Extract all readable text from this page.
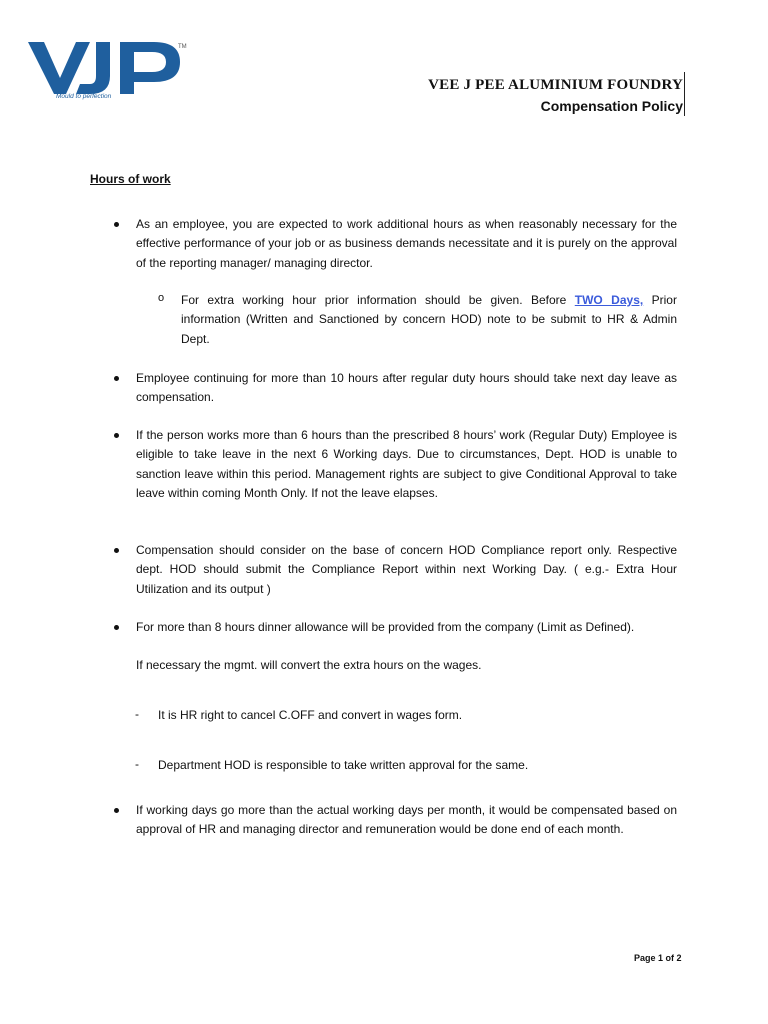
TM
Mould to perfection
VJP
VEE J PEE ALUMINIUM FOUNDRY
Compensation Policy
Hours of work
As an employee, you are expected to work additional hours as when reasonably necessary for the effective performance of your job or as business demands necessitate and it is purely on the approval of the reporting manager/ managing director.
o For extra working hour prior information should be given. Before TWO Days, Prior information (Written and Sanctioned by concern HOD) note to be submit to HR & Admin Dept.
Employee continuing for more than 10 hours after regular duty hours should take next day leave as compensation.
If the person works more than 6 hours than the prescribed 8 hours’ work (Regular Duty) Employee is eligible to take leave in the next 6 Working days. Due to circumstances, Dept. HOD is unable to sanction leave within this period. Management rights are subject to give Conditional Approval to take leave within coming Month Only. If not the leave elapses.
Compensation should consider on the base of concern HOD Compliance report only. Respective dept. HOD should submit the Compliance Report within next Working Day. ( e.g.- Extra Hour Utilization and its output )
For more than 8 hours dinner allowance will be provided from the company (Limit as Defined).
If necessary the mgmt. will convert the extra hours on the wages.
- It is HR right to cancel C.OFF and convert in wages form.
- Department HOD is responsible to take written approval for the same.
If working days go more than the actual working days per month, it would be compensated based on approval of HR and managing director and remuneration would be done end of each month.
Page 1 of 2
